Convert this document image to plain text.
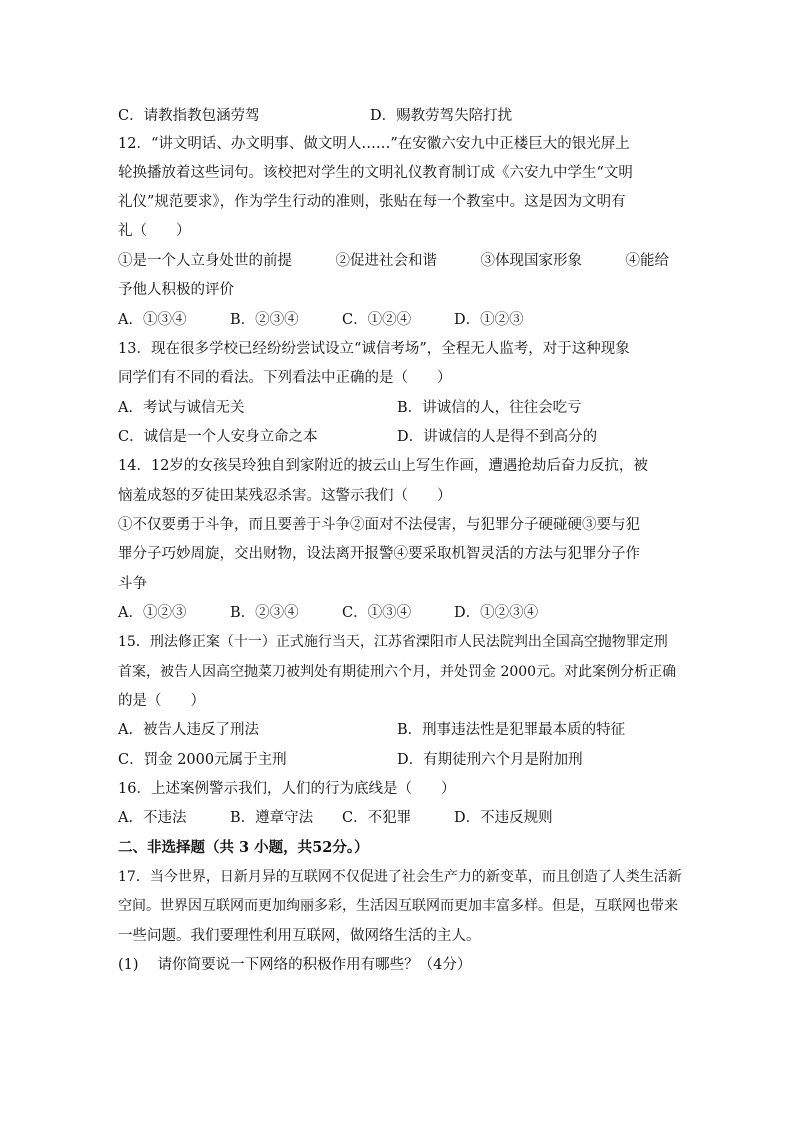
C．请教指教包涵劳驾	D．赐教劳驾失陪打扰
12．“讲文明话、办文明事、做文明人……”在安徽六安九中正楼巨大的银光屏上
轮换播放着这些词句。该校把对学生的文明礼仪教育制订成《六安九中学生“文明
礼仪”规范要求》，作为学生行动的准则，张贴在每一个教室中。这是因为文明有
礼（　　）
①是一个人立身处世的前提　　　②促进社会和谐　　　③体现国家形象　　　④能给
予他人积极的评价
A．①③④	B．②③④	C．①②④	D．①②③
13．现在很多学校已经纷纷尝试设立“诚信考场”，全程无人监考，对于这种现象
同学们有不同的看法。下列看法中正确的是（　　）
A．考试与诚信无关	B．讲诚信的人，往往会吃亏
C．诚信是一个人安身立命之本	D．讲诚信的人是得不到高分的
14．12岁的女孩吴玲独自到家附近的披云山上写生作画，遭遇抢劫后奋力反抗，被
恼羞成怒的歹徒田某残忍杀害。这警示我们（　　）
①不仅要勇于斗争，而且要善于斗争②面对不法侵害，与犯罪分子硬碰硬③要与犯
罪分子巧妙周旋，交出财物，设法离开报警④要采取机智灵活的方法与犯罪分子作
斗争
A．①②③	B．②③④	C．①③④	D．①②③④
15．刑法修正案（十一）正式施行当天，江苏省溧阳市人民法院判出全国高空抛物罪定刑
首案，被告人因高空抛菜刀被判处有期徒刑六个月，并处罚金 2000元。对此案例分析正确
的是（　　）
A．被告人违反了刑法	B．刑事违法性是犯罪最本质的特征
C．罚金 2000元属于主刑	D．有期徒刑六个月是附加刑
16．上述案例警示我们，人们的行为底线是（　　）
A．不违法	B．遵章守法 C．不犯罪	D．不违反规则
二、非选择题（共 3 小题，共52分。）
17．当今世界，日新月异的互联网不仅促进了社会生产力的新变革，而且创造了人类生活新
空间。世界因互联网而更加绚丽多彩，生活因互联网而更加丰富多样。但是，互联网也带来
一些问题。我们要理性利用互联网，做网络生活的主人。
(1)　 请你简要说一下网络的积极作用有哪些？（4分）
